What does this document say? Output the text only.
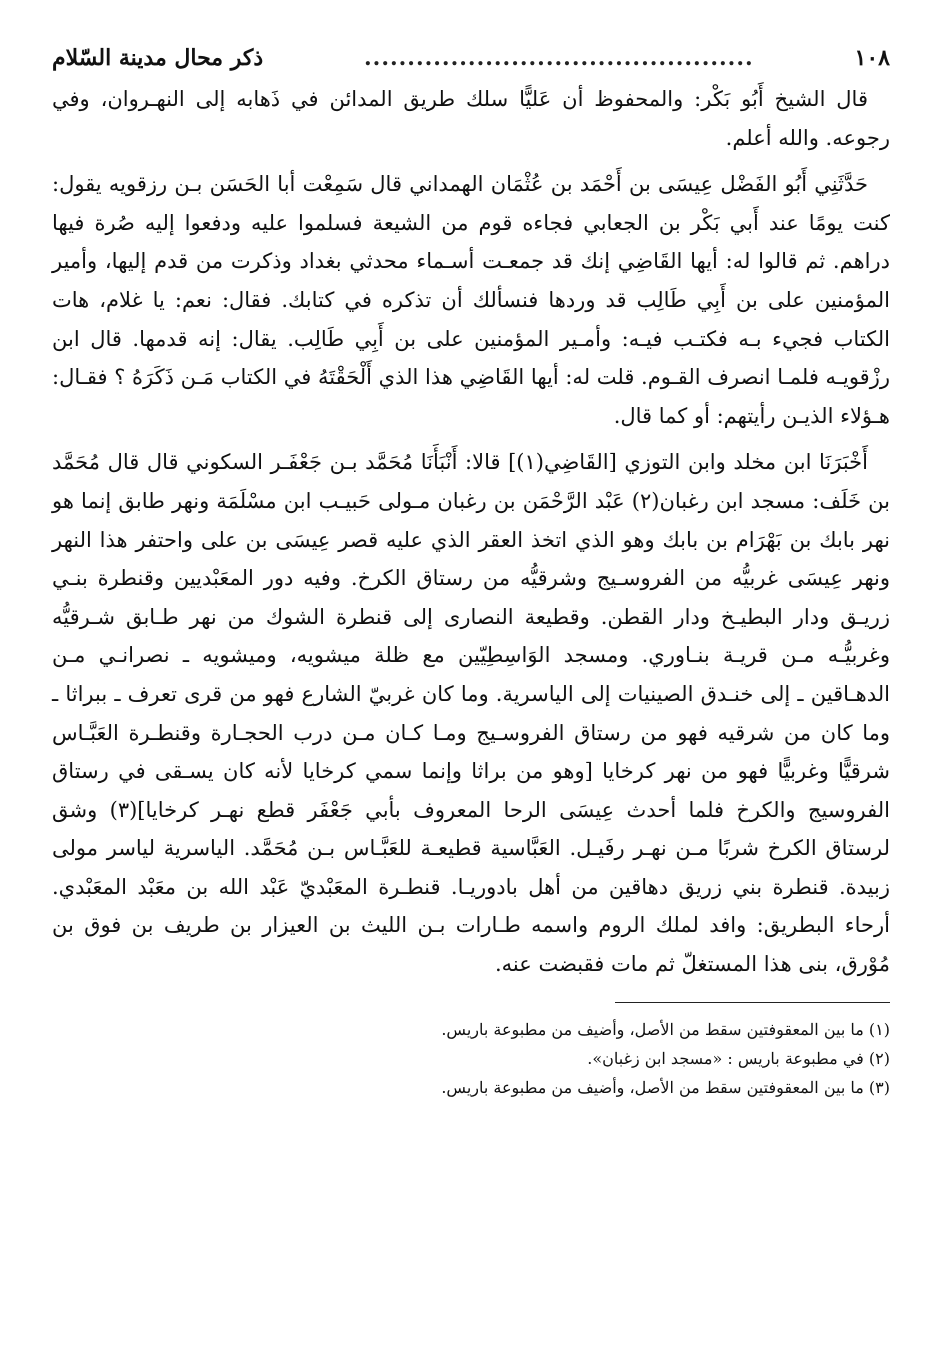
١٠٨
.............................................
ذكر محال مدينة السّلام

قال الشيخ أَبُو بَكْر: والمحفوظ أن عَليًّا سلك طريق المدائن في ذَهابه إلى النهـروان، وفي رجوعه. والله أعلم.

حَدَّثَنِي أَبُو الفَضْل عِيسَى بن أَحْمَد بن عُثْمَان الهمداني قال سَمِعْت أبا الحَسَن بـن رزقويه يقول: كنت يومًا عند أَبي بَكْر بن الجعابي فجاءه قوم من الشيعة فسلموا عليه ودفعوا إليه صُرة فيها دراهم. ثم قالوا له: أيها القَاضِي إنك قد جمعـت أسـماء محدثي بغداد وذكرت من قدم إليها، وأمير المؤمنين على بن أَبِي طَالِب قد وردها فنسألك أن تذكره في كتابك. فقال: نعم: يا غلام، هات الكتاب فجيء بـه فكتـب فيـه: وأمـير المؤمنين على بن أَبِي طَالِب. يقال: إنه قدمها. قال ابن رزْقويـه فلمـا انصرف القـوم. قلت له: أيها القَاضِي هذا الذي أَلْحَقْتَهُ في الكتاب مَـن ذَكَرَهُ ؟ فقـال: هـؤلاء الذيـن رأيتهم: أو كما قال.

أَخْبَرَنَا ابن مخلد وابن التوزي [القَاضِي(١)] قالا: أَنْبَأَنَا مُحَمَّد بـن جَعْفَـر السكوني قال قال مُحَمَّد بن خَلَف: مسجد ابن رغبان(٢) عَبْد الرَّحْمَن بن رغبان مـولى حَبيـب ابن مسْلَمَة ونهر طابق إنما هو نهر بابك بن بَهْرَام بن بابك وهو الذي اتخذ العقر الذي عليه قصر عِيسَى بن على واحتفر هذا النهر ونهر عِيسَى غربيُّه من الفروسـيج وشرقيُّه من رستاق الكرخ. وفيه دور المعَبْديين وقنطرة بنـي زريـق ودار البطيـخ ودار القطن. وقطيعة النصارى إلى قنطرة الشوك من نهر طـابق شـرقيُّه وغربيُّـه مـن قريـة بنـاوري. ومسجد الوَاسِطِيّين مع ظلة ميشويه، وميشويه ـ نصرانـي مـن الدهـاقين ـ إلى خنـدق الصينيات إلى الياسرية. وما كان غربيّ الشارع فهو من قرى تعرف ـ ببراثا ـ وما كان من شرقيه فهو من رستاق الفروسـيج ومـا كـان مـن درب الحجـارة وقنطـرة العَبَّـاس شرقيًّا وغربيًّا فهو من نهر كرخايا [وهو من براثا وإنما سمي كرخايا لأنه كان يسـقى في رستاق الفروسيج والكرخ فلما أحدث عِيسَى الرحا المعروف بأبي جَعْفَر قطع نهـر كرخايا](٣) وشق لرستاق الكرخ شربًا مـن نهـر رفَيـل. العَبَّاسية قطيعـة للعَبَّـاس بـن مُحَمَّد. الياسرية لياسر مولى زبيدة. قنطرة بني زريق دهاقين من أهل بادوريـا. قنطـرة المعَبْديّ عَبْد الله بن معَبْد المعَبْدي. أرحاء البطريق: وافد لملك الروم واسمه طـارات بـن الليث بن العيزار بن طريف بن فوق بن مُوْرق، بنى هذا المستغلّ ثم مات فقبضت عنه.

(١) ما بين المعقوفتين سقط من الأصل، وأضيف من مطبوعة باريس.

(٢) في مطبوعة باريس : «مسجد ابن زغبان».

(٣) ما بين المعقوفتين سقط من الأصل، وأضيف من مطبوعة باريس.
